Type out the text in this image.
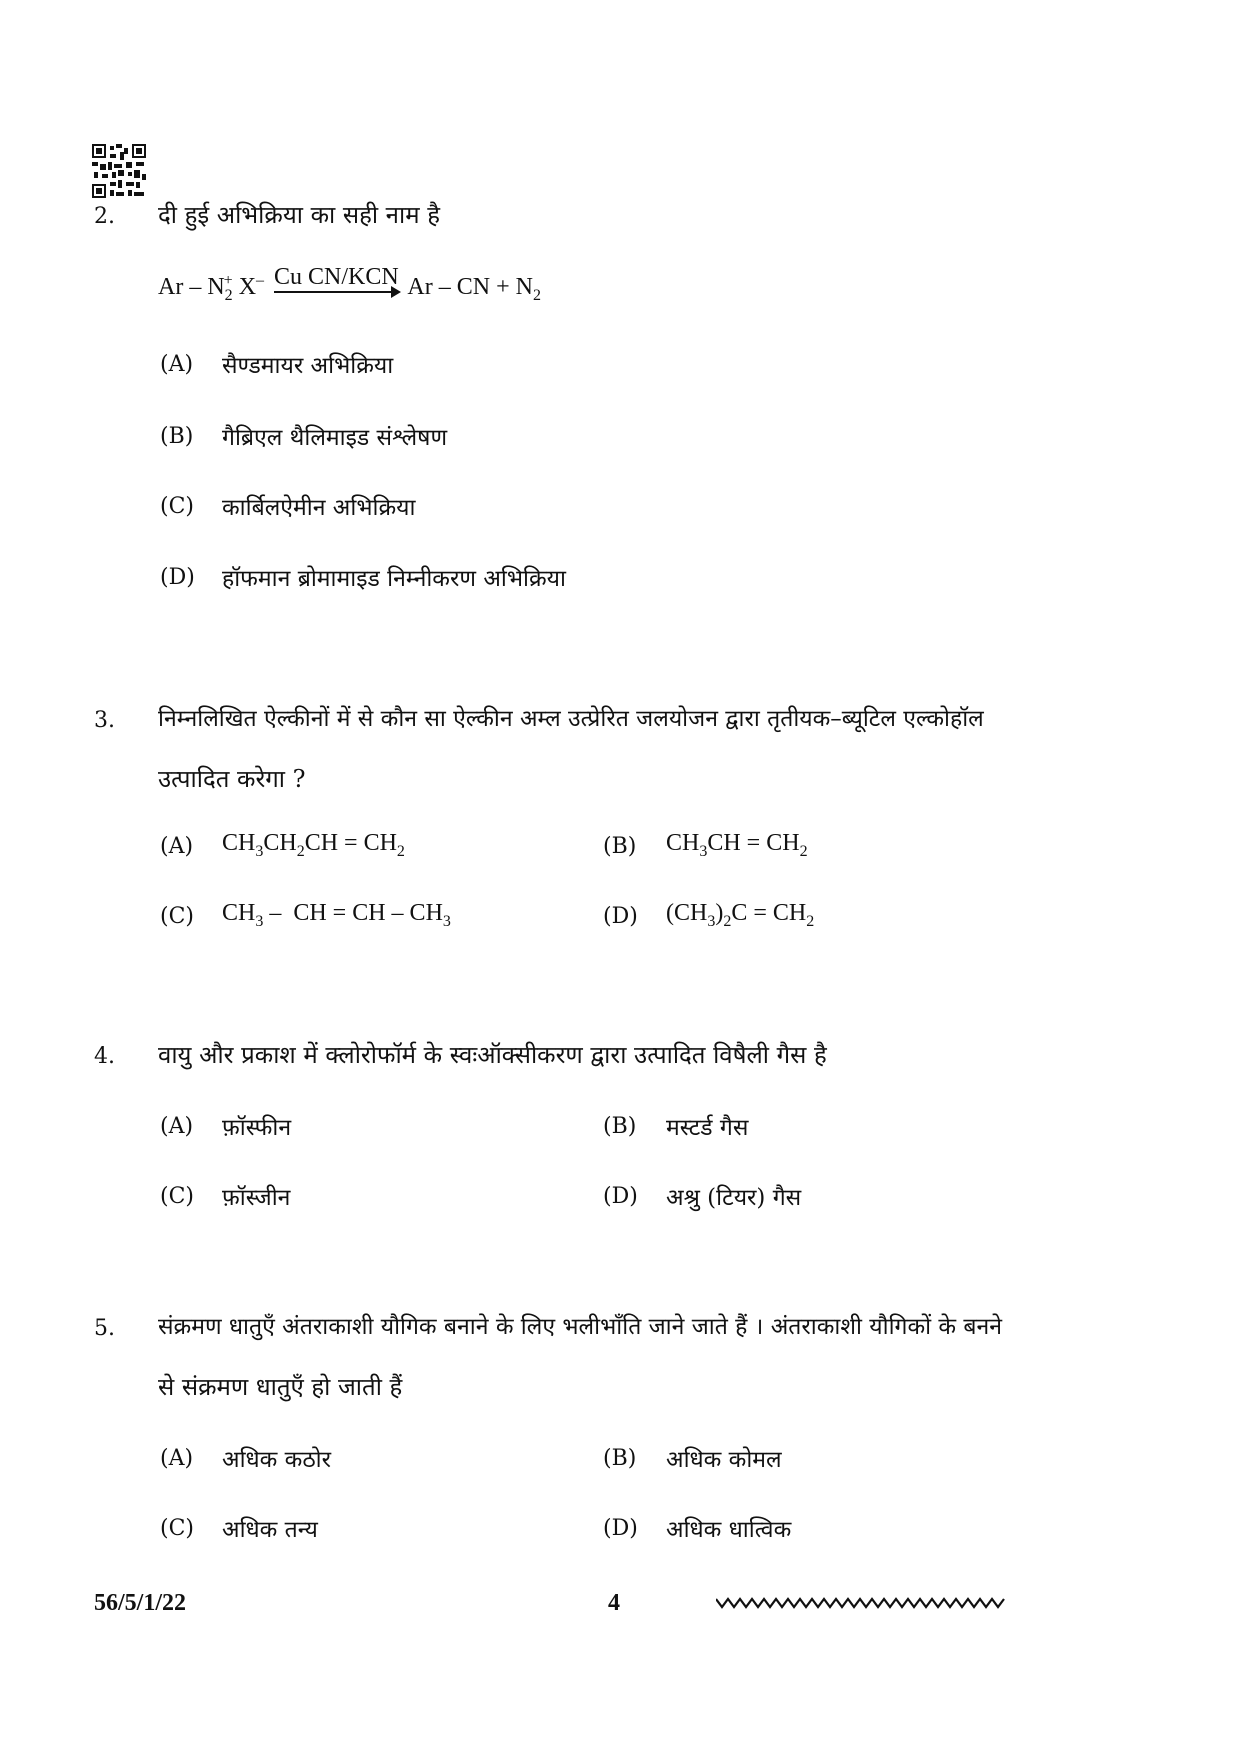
2. दी हुई अभिक्रिया का सही नाम है
Ar – $N_2^+$ X– Cu CN/KCN Ar – CN + $N_2$
(A) सैण्डमायर अभिक्रिया
(B) गैब्रिएल थैलिमाइड संश्लेषण
(C) कार्बिलऐमीन अभिक्रिया
(D) हॉफमान ब्रोमामाइड निम्नीकरण अभिक्रिया
3. निम्नलिखित ऐल्कीनों में से कौन सा ऐल्कीन अम्ल उत्प्रेरित जलयोजन द्वारा तृतीयक–ब्यूटिल एल्कोहॉल
उत्पादित करेगा ?
(A) $CH_3CH_2CH = CH_2$	(B) $CH_3CH = CH_2$
(C) $CH_3$ –  CH = CH – $CH_3$	(D) $(CH_3)_2C = CH_2$
4. वायु और प्रकाश में क्लोरोफॉर्म के स्वःऑक्सीकरण द्वारा उत्पादित विषैली गैस है
(A) फ़ॉस्फीन	(B) मस्टर्ड गैस
(C) फ़ॉस्जीन	(D) अश्रु (टियर) गैस
5. संक्रमण धातुएँ अंतराकाशी यौगिक बनाने के लिए भलीभाँति जाने जाते हैं । अंतराकाशी यौगिकों के बनने
से संक्रमण धातुएँ हो जाती हैं
(A) अधिक कठोर	(B) अधिक कोमल
(C) अधिक तन्य	(D) अधिक धात्विक
56/5/1/22	4
